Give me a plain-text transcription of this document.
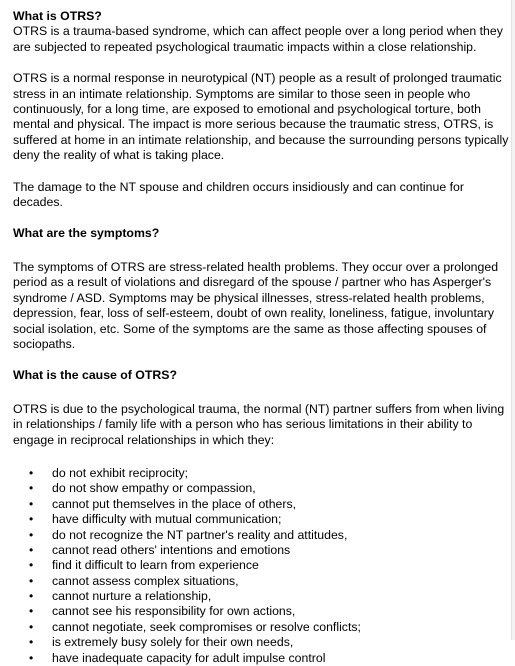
What is OTRS?

OTRS is a trauma-based syndrome, which can affect people over a long period when they are subjected to repeated psychological traumatic impacts within a close relationship.

OTRS is a normal response in neurotypical (NT) people as a result of prolonged traumatic stress in an intimate relationship. Symptoms are similar to those seen in people who continuously, for a long time, are exposed to emotional and psychological torture, both mental and physical. The impact is more serious because the traumatic stress, OTRS, is suffered at home in an intimate relationship, and because the surrounding persons typically deny the reality of what is taking place.

The damage to the NT spouse and children occurs insidiously and can continue for decades.

What are the symptoms?

The symptoms of OTRS are stress-related health problems. They occur over a prolonged period as a result of violations and disregard of the spouse / partner who has Asperger's syndrome / ASD. Symptoms may be physical illnesses, stress-related health problems, depression, fear, loss of self-esteem, doubt of own reality, loneliness, fatigue, involuntary social isolation, etc. Some of the symptoms are the same as those affecting spouses of sociopaths.

What is the cause of OTRS?

OTRS is due to the psychological trauma, the normal (NT) partner suffers from when living in relationships / family life with a person who has serious limitations in their ability to engage in reciprocal relationships in which they:

• do not exhibit reciprocity;
• do not show empathy or compassion,
• cannot put themselves in the place of others,
• have difficulty with mutual communication;
• do not recognize the NT partner's reality and attitudes,
• cannot read others' intentions and emotions
• find it difficult to learn from experience
• cannot assess complex situations,
• cannot nurture a relationship,
• cannot see his responsibility for own actions,
• cannot negotiate, seek compromises or resolve conflicts;
• is extremely busy solely for their own needs,
• have inadequate capacity for adult impulse control
